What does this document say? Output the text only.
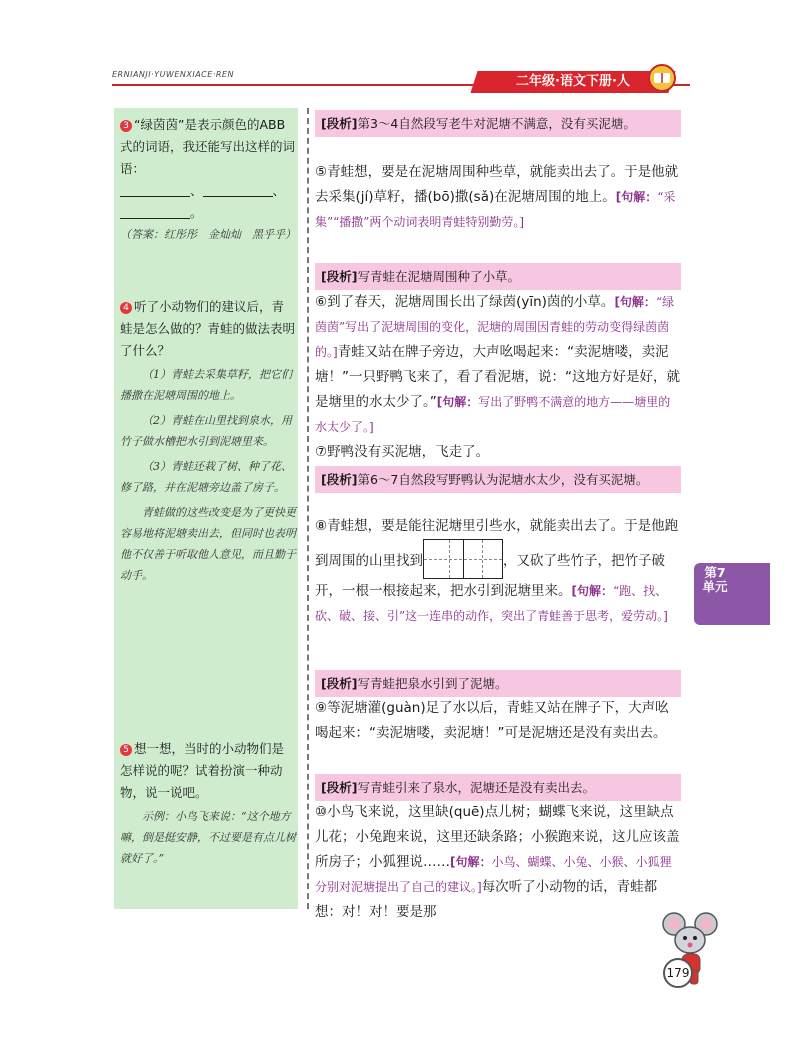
ERNIANJI·YUWENXIACE·REN	二年级·语文下册·人
3 “绿茵茵”是表示颜色的ABB式的词语，我还能写出这样的词语：
、	、。
（答案：红彤彤　金灿灿　黑乎乎）
4 听了小动物们的建议后，青蛙是怎么做的？青蛙的做法表明了什么？
（1）青蛙去采集草籽，把它们播撒在泥塘周围的地上。
（2）青蛙在山里找到泉水，用竹子做水槽把水引到泥塘里来。
（3）青蛙还栽了树、种了花、修了路，并在泥塘旁边盖了房子。
青蛙做的这些改变是为了更快更容易地将泥塘卖出去，但同时也表明他不仅善于听取他人意见，而且勤于动手。
5 想一想，当时的小动物们是怎样说的呢？试着扮演一种动物，说一说吧。
示例：小鸟飞来说：“这个地方嘛，倒是挺安静，不过要是有点儿树就好了。”
[段析]第3～4自然段写老牛对泥塘不满意，没有买泥塘。
⑤青蛙想，要是在泥塘周围种些草，就能卖出去了。于是他就去采集(jí)草籽，播(bō)撒(sǎ)在泥塘周围的地上。[句解：“采集”“播撒”两个动词表明青蛙特别勤劳。]
[段析]写青蛙在泥塘周围种了小草。
⑥到了春天，泥塘周围长出了绿茵(yīn)茵的小草。[句解：“绿茵茵”写出了泥塘周围的变化，泥塘的周围因青蛙的劳动变得绿茵茵的。]青蛙又站在牌子旁边，大声吆喝起来：“卖泥塘喽，卖泥塘！”一只野鸭飞来了，看了看泥塘，说：“这地方好是好，就是塘里的水太少了。”[句解：写出了野鸭不满意的地方——塘里的水太少了。]
⑦野鸭没有买泥塘，飞走了。
[段析]第6～7自然段写野鸭认为泥塘水太少，没有买泥塘。
⑧青蛙想，要是能往泥塘里引些水，就能卖出去了。于是他跑到周围的山里找到	，又砍了些竹子，把竹子破开，一根一根接起来，把水引到泥塘里来。[句解：“跑、找、砍、破、接、引”这一连串的动作，突出了青蛙善于思考，爱劳动。]
[段析]写青蛙把泉水引到了泥塘。
⑨等泥塘灌(guàn)足了水以后，青蛙又站在牌子下，大声吆喝起来：“卖泥塘喽，卖泥塘！”可是泥塘还是没有卖出去。
[段析]写青蛙引来了泉水，泥塘还是没有卖出去。
⑩小鸟飞来说，这里缺(quē)点儿树；蝴蝶飞来说，这里缺点儿花；小兔跑来说，这里还缺条路；小猴跑来说，这儿应该盖所房子；小狐狸说……[句解：小鸟、蝴蝶、小兔、小猴、小狐狸分别对泥塘提出了自己的建议。]每次听了小动物的话，青蛙都想：对！对！要是那
第7单元
179
